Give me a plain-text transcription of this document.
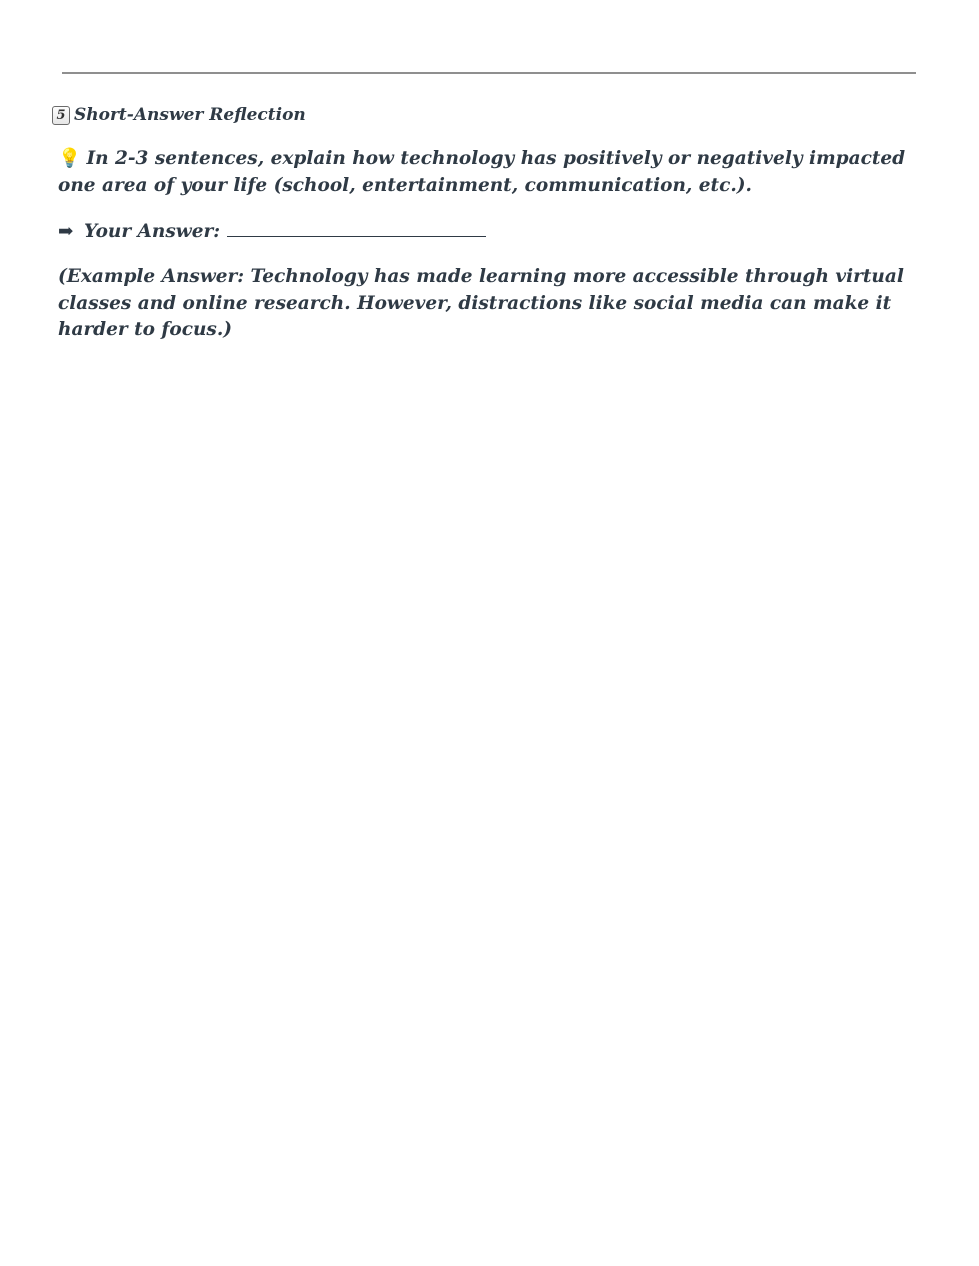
5 Short-Answer Reflection

💡 In 2-3 sentences, explain how technology has positively or negatively impacted one area of your life (school, entertainment, communication, etc.).

➡ Your Answer:

(Example Answer: Technology has made learning more accessible through virtual classes and online research. However, distractions like social media can make it harder to focus.)
